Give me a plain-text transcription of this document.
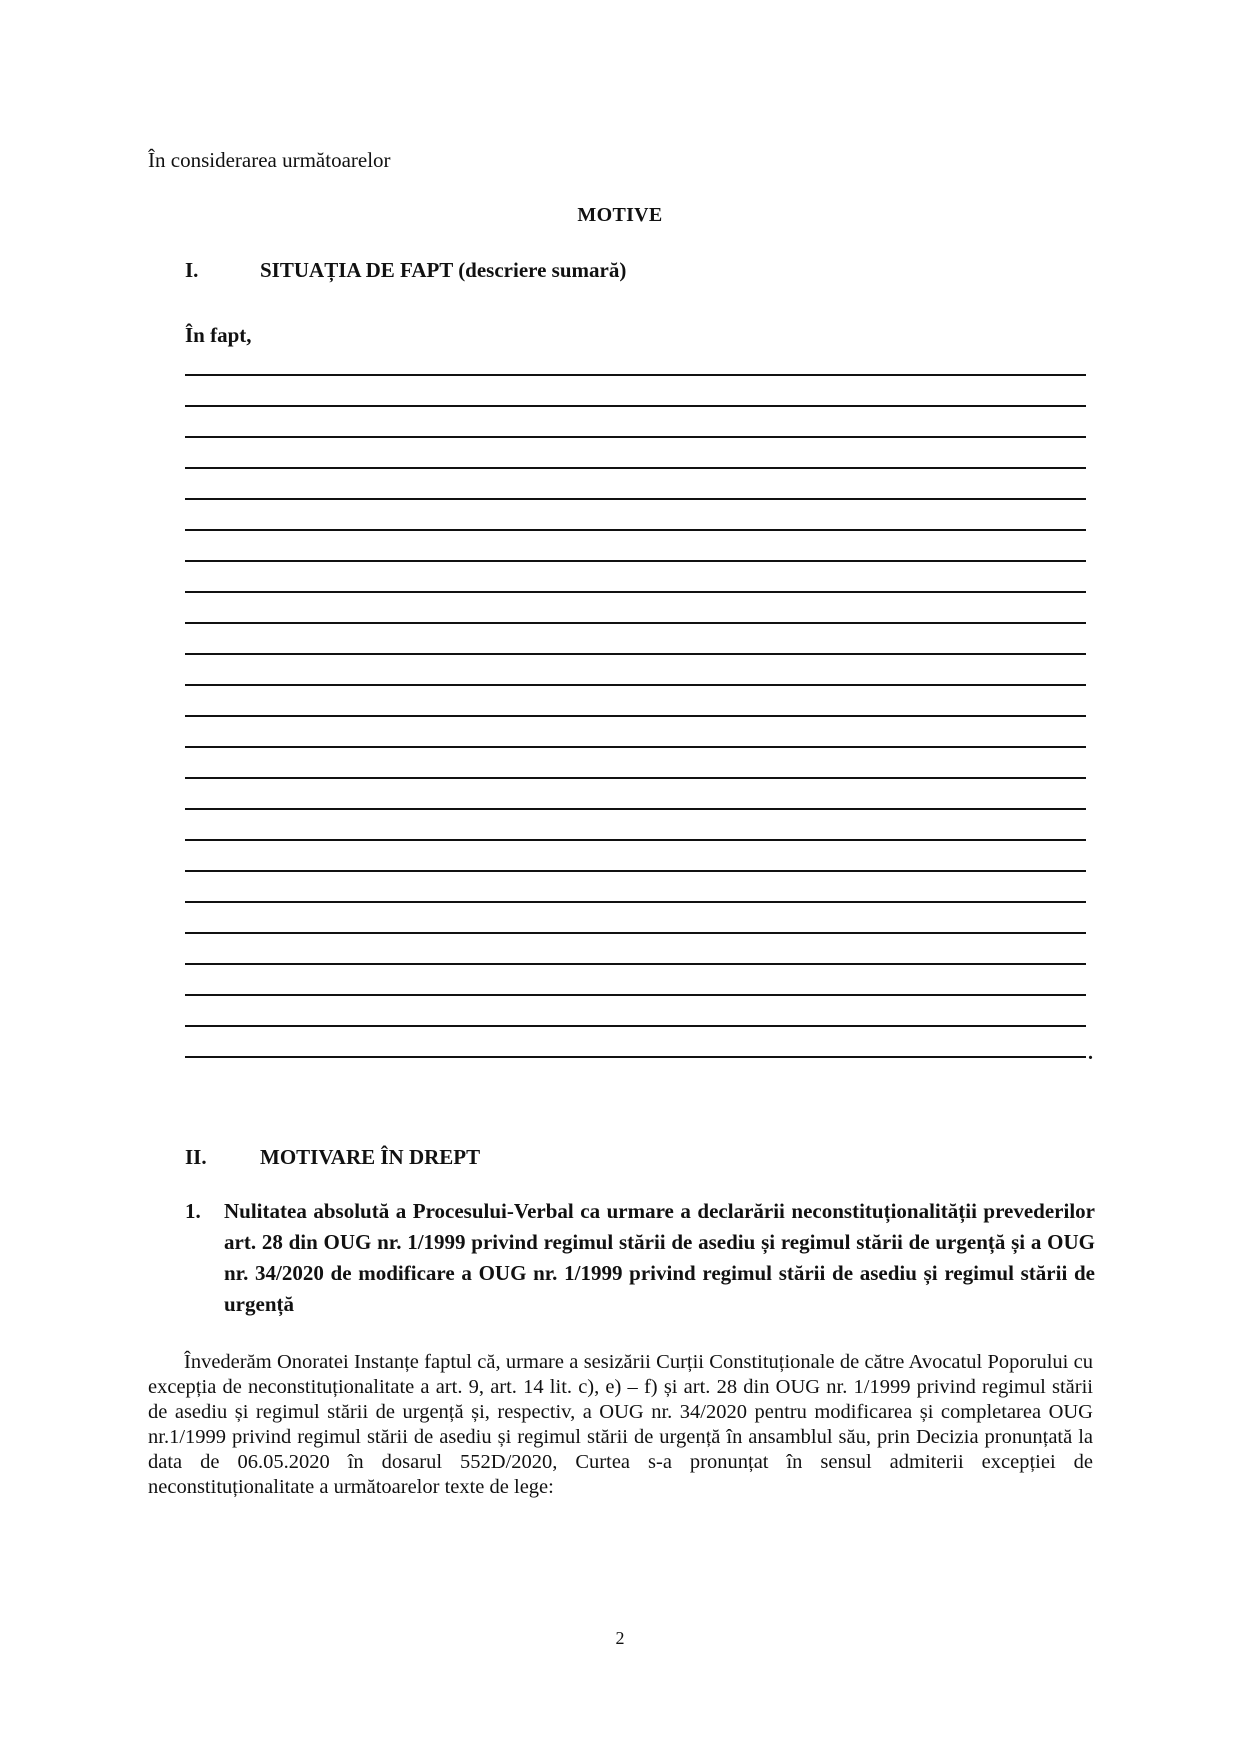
În considerarea următoarelor
MOTIVE
I.	SITUAȚIA DE FAPT (descriere sumară)
În fapt,
.
II.	MOTIVARE ÎN DREPT
1. Nulitatea absolută a Procesului-Verbal ca urmare a declarării neconstituționalității prevederilor art. 28 din OUG nr. 1/1999 privind regimul stării de asediu și regimul stării de urgență și a OUG nr. 34/2020 de modificare a OUG nr. 1/1999 privind regimul stării de asediu și regimul stării de urgență
Învederăm Onoratei Instanțe faptul că, urmare a sesizării Curții Constituționale de către Avocatul Poporului cu excepția de neconstituționalitate a art. 9, art. 14 lit. c), e) – f) și art. 28 din OUG nr. 1/1999 privind regimul stării de asediu și regimul stării de urgență și, respectiv, a OUG nr. 34/2020 pentru modificarea și completarea OUG nr.1/1999 privind regimul stării de asediu și regimul stării de urgență în ansamblul său, prin Decizia pronunțată la data de 06.05.2020 în dosarul 552D/2020, Curtea s-a pronunțat în sensul admiterii excepției de neconstituționalitate a următoarelor texte de lege:
2
